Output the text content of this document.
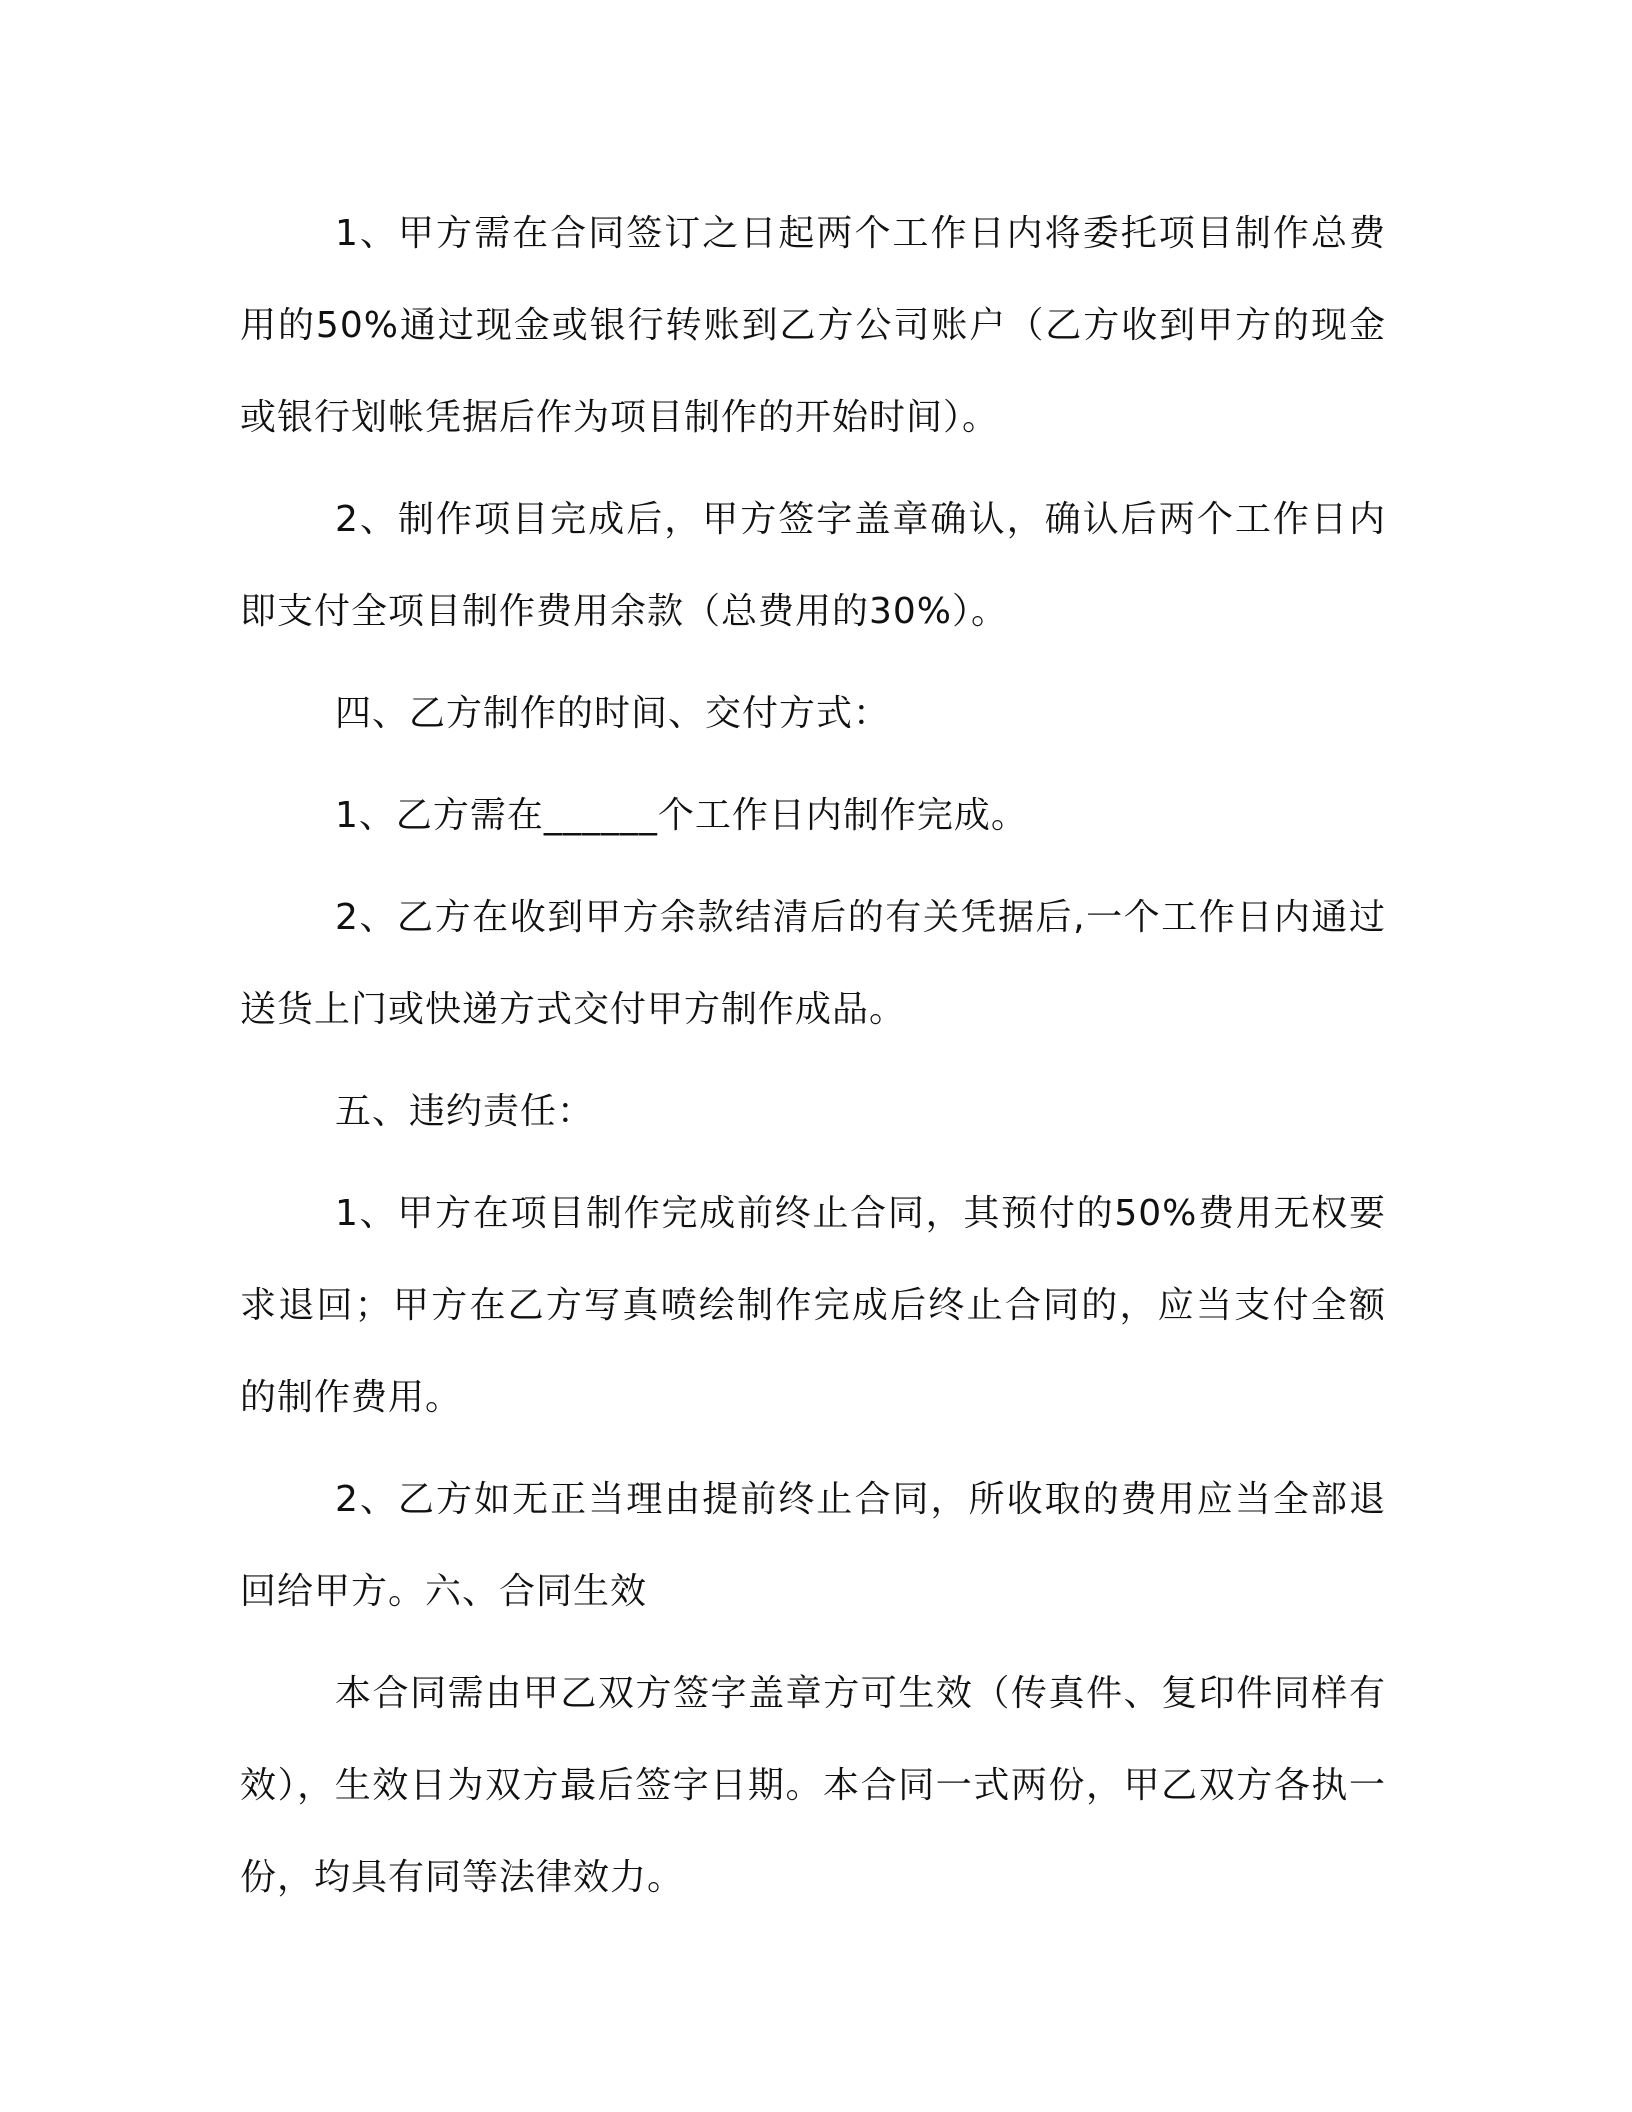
1、甲方需在合同签订之日起两个工作日内将委托项目制作总费用的50%通过现金或银行转账到乙方公司账户（乙方收到甲方的现金或银行划帐凭据后作为项目制作的开始时间）。

2、制作项目完成后，甲方签字盖章确认，确认后两个工作日内即支付全项目制作费用余款（总费用的30%）。

四、乙方制作的时间、交付方式：

1、乙方需在______个工作日内制作完成。

2、乙方在收到甲方余款结清后的有关凭据后,一个工作日内通过送货上门或快递方式交付甲方制作成品。

五、违约责任：

1、甲方在项目制作完成前终止合同，其预付的50%费用无权要求退回；甲方在乙方写真喷绘制作完成后终止合同的，应当支付全额的制作费用。

2、乙方如无正当理由提前终止合同，所收取的费用应当全部退回给甲方。六、合同生效

本合同需由甲乙双方签字盖章方可生效（传真件、复印件同样有效），生效日为双方最后签字日期。本合同一式两份，甲乙双方各执一份，均具有同等法律效力。
